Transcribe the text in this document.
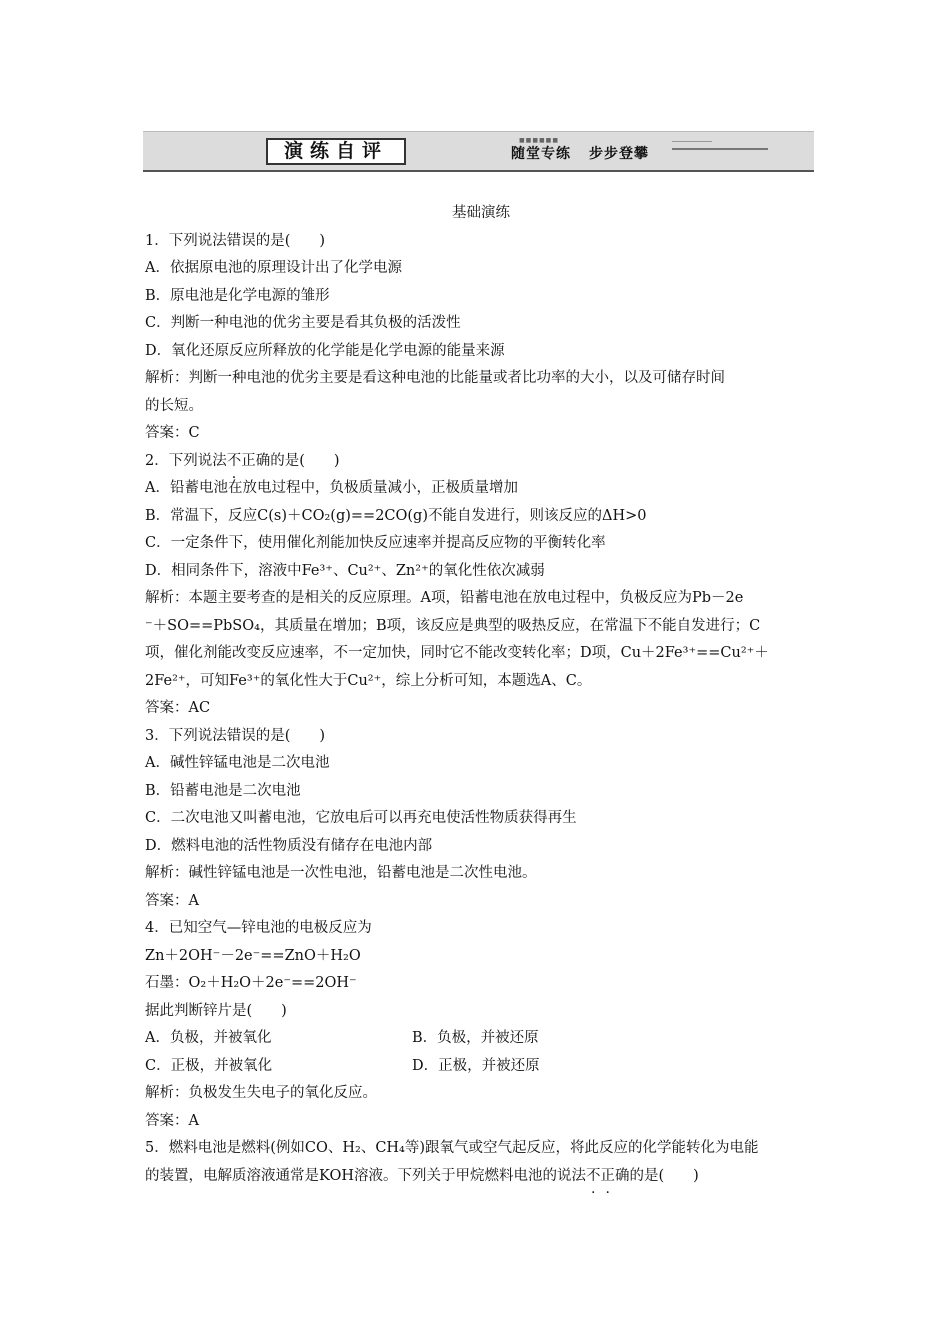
演练自评	■■■■■■
随堂专练 步步登攀
基础演练
1．下列说法错误的是(　　)
A．依据原电池的原理设计出了化学电源
B．原电池是化学电源的雏形
C．判断一种电池的优劣主要是看其负极的活泼性
D．氧化还原反应所释放的化学能是化学电源的能量来源
解析：判断一种电池的优劣主要是看这种电池的比能量或者比功率的大小，以及可储存时间
的长短。
答案：C
2．下列说法不正确的是(　　)
A．铅蓄电池在放电过程中，负极质量减小，正极质量增加
B．常温下，反应C(s)＋CO₂(g)==2CO(g)不能自发进行，则该反应的ΔH>0
C．一定条件下，使用催化剂能加快反应速率并提高反应物的平衡转化率
D．相同条件下，溶液中Fe³⁺、Cu²⁺、Zn²⁺的氧化性依次减弱
解析：本题主要考查的是相关的反应原理。A项，铅蓄电池在放电过程中，负极反应为Pb－2e
⁻＋SO==PbSO₄，其质量在增加；B项，该反应是典型的吸热反应，在常温下不能自发进行；C
项，催化剂能改变反应速率，不一定加快，同时它不能改变转化率；D项，Cu＋2Fe³⁺==Cu²⁺＋
2Fe²⁺，可知Fe³⁺的氧化性大于Cu²⁺，综上分析可知，本题选A、C。
答案：AC
3．下列说法错误的是(　　)
A．碱性锌锰电池是二次电池
B．铅蓄电池是二次电池
C．二次电池又叫蓄电池，它放电后可以再充电使活性物质获得再生
D．燃料电池的活性物质没有储存在电池内部
解析：碱性锌锰电池是一次性电池，铅蓄电池是二次性电池。
答案：A
4．已知空气—锌电池的电极反应为
Zn＋2OH⁻－2e⁻==ZnO＋H₂O
石墨：O₂＋H₂O＋2e⁻==2OH⁻
据此判断锌片是(　　)
A．负极，并被氧化	B．负极，并被还原
C．正极，并被氧化	D．正极，并被还原
解析：负极发生失电子的氧化反应。
答案：A
5．燃料电池是燃料(例如CO、H₂、CH₄等)跟氧气或空气起反应，将此反应的化学能转化为电能
的装置，电解质溶液通常是KOH溶液。下列关于甲烷燃料电池的说法不正确的是(　　)
